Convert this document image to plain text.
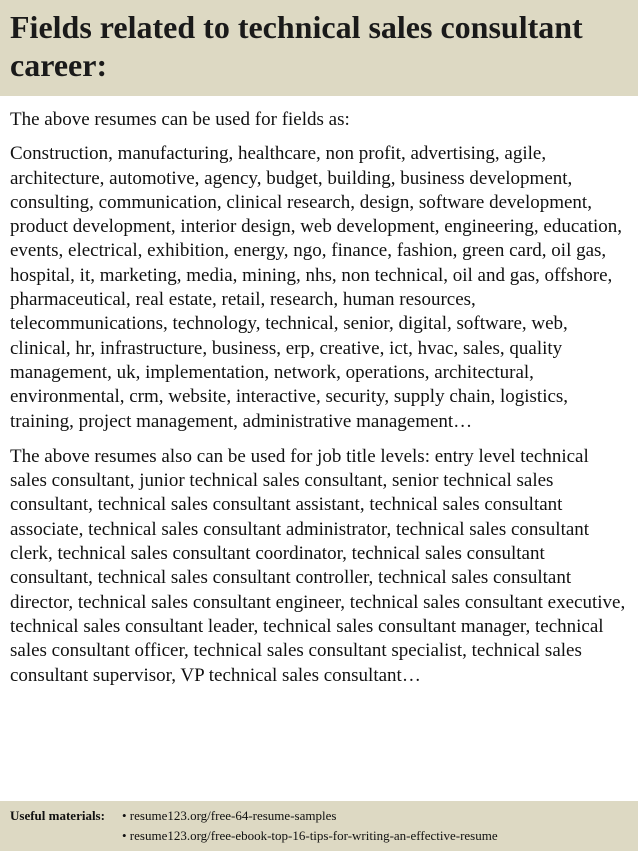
Fields related to technical sales consultant
career:

The above resumes can be used for fields as:

Construction, manufacturing, healthcare, non profit, advertising, agile, architecture, automotive, agency, budget, building, business development, consulting, communication, clinical research, design, software development, product development, interior design, web development, engineering, education, events, electrical, exhibition, energy, ngo, finance, fashion, green card, oil gas, hospital, it, marketing, media, mining, nhs, non technical, oil and gas, offshore, pharmaceutical, real estate, retail, research, human resources, telecommunications, technology, technical, senior, digital, software, web, clinical, hr, infrastructure, business, erp, creative, ict, hvac, sales, quality management, uk, implementation, network, operations, architectural, environmental, crm, website, interactive, security, supply chain, logistics, training, project management, administrative management…

The above resumes also can be used for job title levels: entry level technical sales consultant, junior technical sales consultant, senior technical sales consultant, technical sales consultant assistant, technical sales consultant associate, technical sales consultant administrator, technical sales consultant clerk, technical sales consultant coordinator, technical sales consultant consultant, technical sales consultant controller, technical sales consultant director, technical sales consultant engineer, technical sales consultant executive, technical sales consultant leader, technical sales consultant manager, technical sales consultant officer, technical sales consultant specialist, technical sales consultant supervisor, VP technical sales consultant…

Useful materials:	• resume123.org/free-64-resume-samples
• resume123.org/free-ebook-top-16-tips-for-writing-an-effective-resume
